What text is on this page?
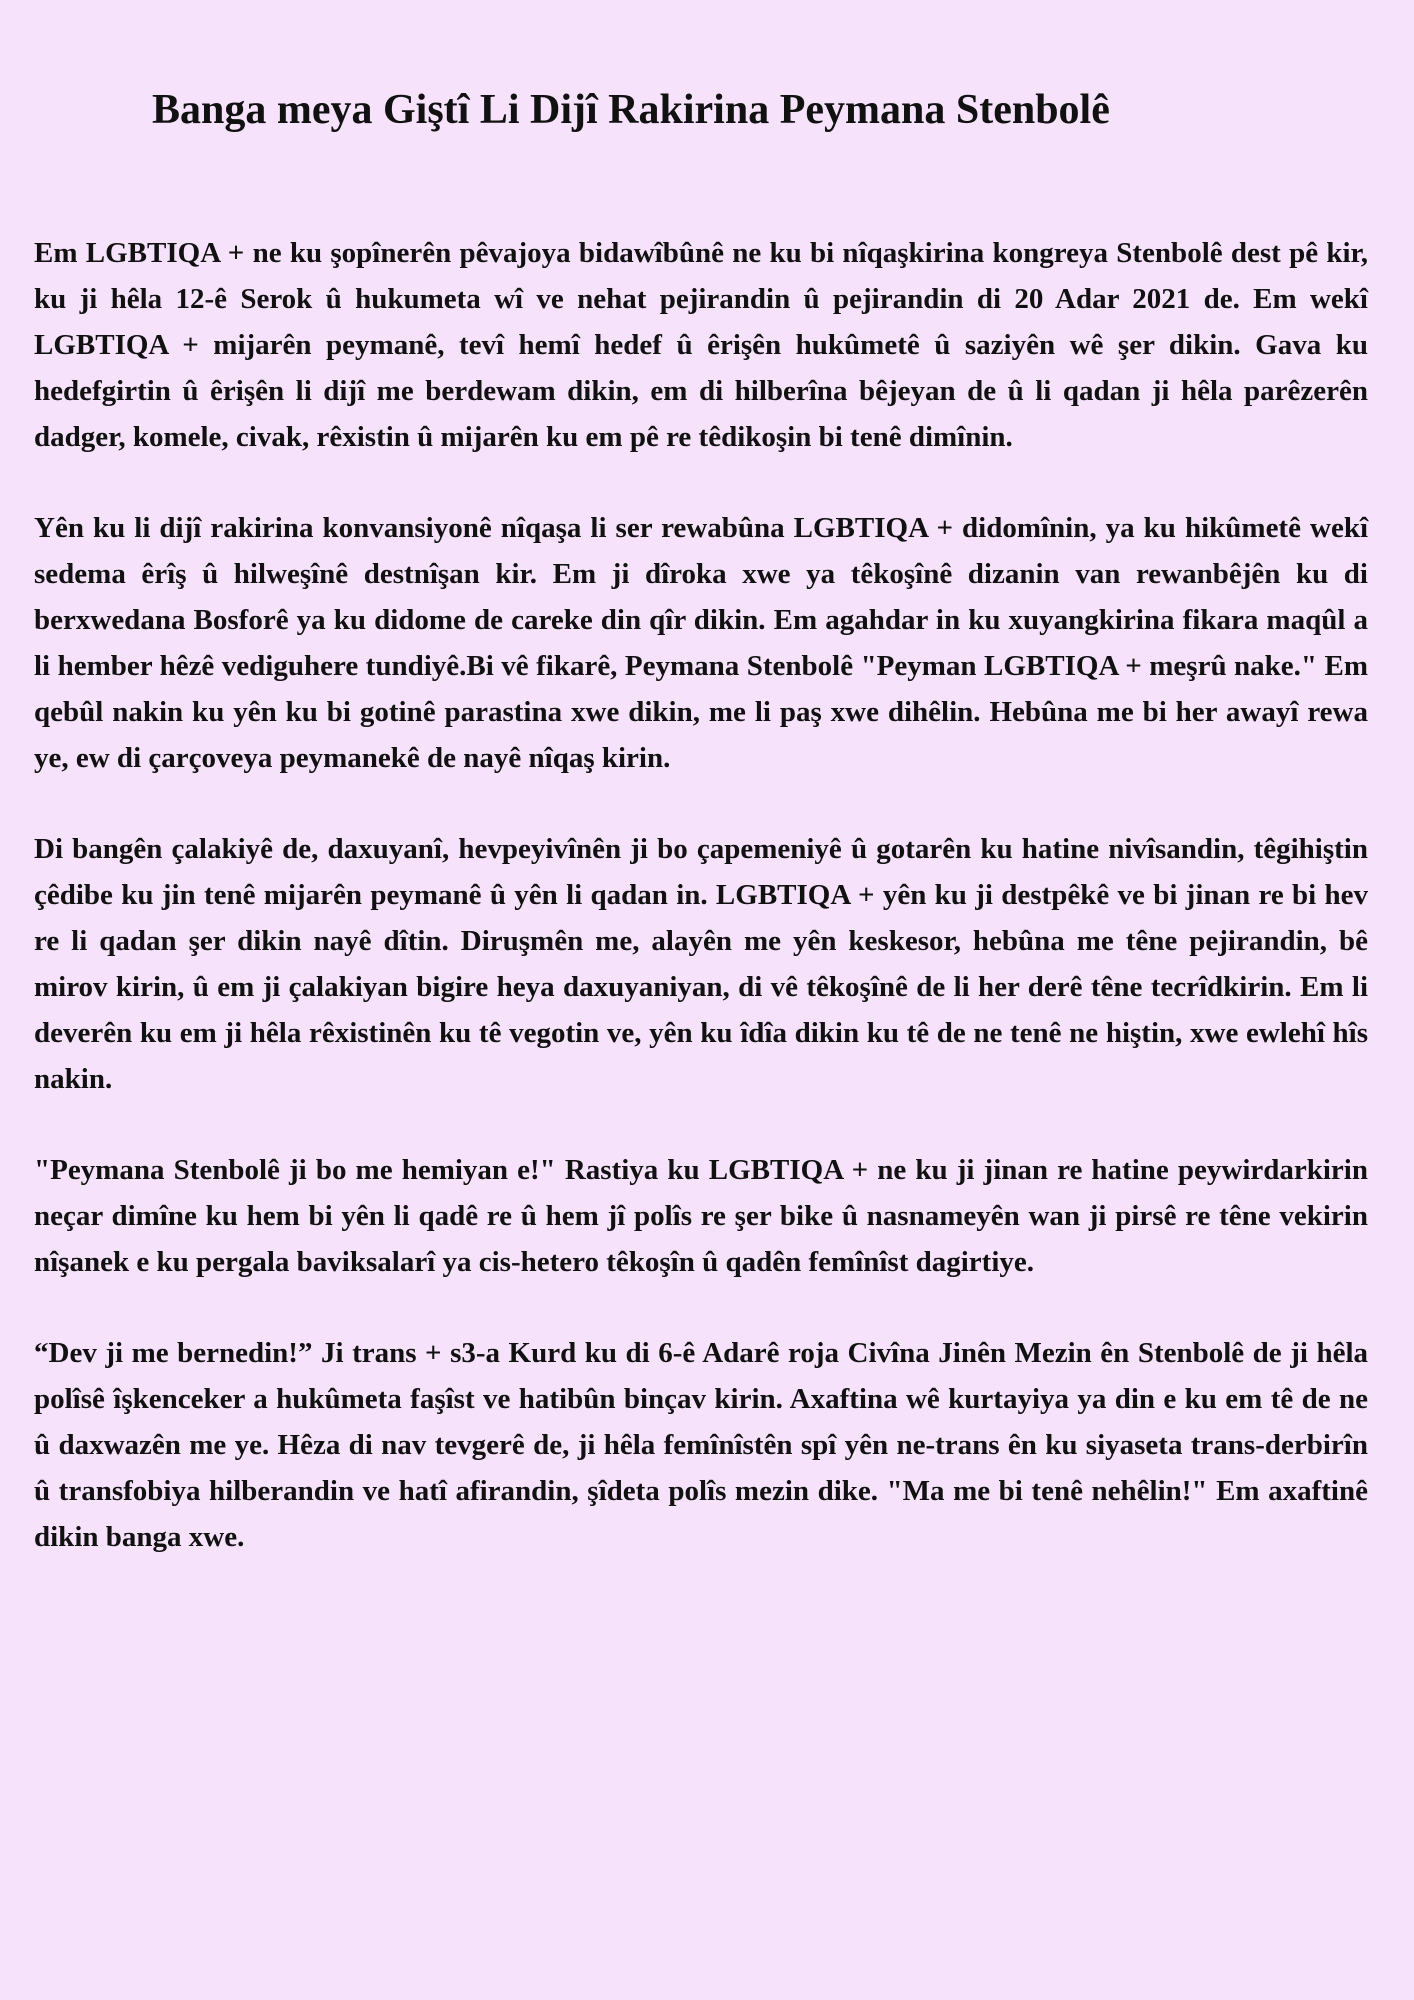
Banga meya Giştî Li Dijî Rakirina Peymana Stenbolê

Em LGBTIQA + ne ku şopînerên pêvajoya bidawîbûnê ne ku bi nîqaşkirina kongreya Stenbolê dest pê kir, ku ji hêla 12-ê Serok û hukumeta wî ve nehat pejirandin û pejirandin di 20 Adar 2021 de. Em wekî LGBTIQA + mijarên peymanê, tevî hemî hedef û êrişên hukûmetê û saziyên wê şer dikin. Gava ku hedefgirtin û êrişên li dijî me berdewam dikin, em di hilberîna bêjeyan de û li qadan ji hêla parêzerên dadger, komele, civak, rêxistin û mijarên ku em pê re têdikoşin bi tenê dimînin.

Yên ku li dijî rakirina konvansiyonê nîqaşa li ser rewabûna LGBTIQA + didomînin, ya ku hikûmetê wekî sedema êrîş û hilweşînê destnîşan kir. Em ji dîroka xwe ya têkoşînê dizanin van rewanbêjên ku di berxwedana Bosforê ya ku didome de careke din qîr dikin. Em agahdar in ku xuyangkirina fikara maqûl a li hember hêzê vediguhere tundiyê.Bi vê fikarê, Peymana Stenbolê "Peyman LGBTIQA + meşrû nake." Em qebûl nakin ku yên ku bi gotinê parastina xwe dikin, me li paş xwe dihêlin. Hebûna me bi her awayî rewa ye, ew di çarçoveya peymanekê de nayê nîqaş kirin.

Di bangên çalakiyê de, daxuyanî, hevpeyivînên ji bo çapemeniyê û gotarên ku hatine nivîsandin, têgihiştin çêdibe ku jin tenê mijarên peymanê û yên li qadan in. LGBTIQA + yên ku ji destpêkê ve bi jinan re bi hev re li qadan şer dikin nayê dîtin. Diruşmên me, alayên me yên keskesor, hebûna me têne pejirandin, bê mirov kirin, û em ji çalakiyan bigire heya daxuyaniyan, di vê têkoşînê de li her derê têne tecrîdkirin. Em li deverên ku em ji hêla rêxistinên ku tê vegotin ve, yên ku îdîa dikin ku tê de ne tenê ne hiştin, xwe ewlehî hîs nakin.

"Peymana Stenbolê ji bo me hemiyan e!" Rastiya ku LGBTIQA + ne ku ji jinan re hatine peywirdarkirin neçar dimîne ku hem bi yên li qadê re û hem jî polîs re şer bike û nasnameyên wan ji pirsê re têne vekirin nîşanek e ku pergala baviksalarî ya cis-hetero têkoşîn û qadên femînîst dagirtiye.

“Dev ji me bernedin!” Ji trans + s3-a Kurd ku di 6-ê Adarê roja Civîna Jinên Mezin ên Stenbolê de ji hêla polîsê îşkenceker a hukûmeta faşîst ve hatibûn binçav kirin. Axaftina wê kurtayiya ya din e ku em tê de ne û daxwazên me ye. Hêza di nav tevgerê de, ji hêla femînîstên spî yên ne-trans ên ku siyaseta trans-derbirîn û transfobiya hilberandin ve hatî afirandin, şîdeta polîs mezin dike. "Ma me bi tenê nehêlin!" Em axaftinê dikin banga xwe.
